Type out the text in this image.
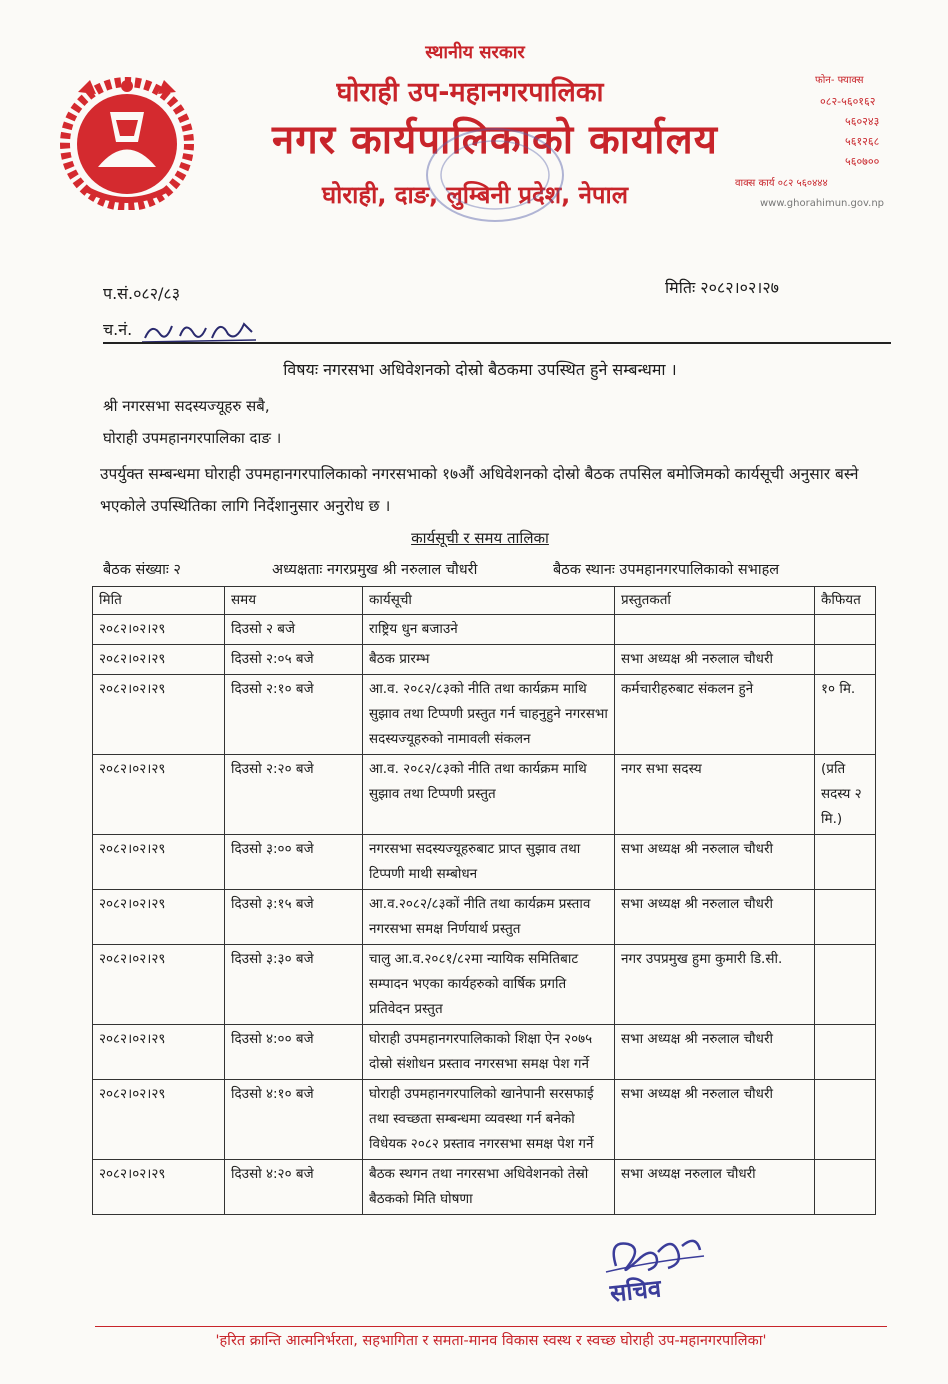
स्थानीय सरकार
घोराही उप-महानगरपालिका
नगर कार्यपालिकाको कार्यालय
घोराही, दाङ, लुम्बिनी प्रदेश, नेपाल
फोन- फ्याक्स
०८२-५६०१६२
५६०२४३
५६१२६८
५६०७००
वाक्स कार्य ०८२ ५६०४४४
www.ghorahimun.gov.np
प.सं.०८२/८३	मितिः २०८२।०२।२७
च.नं.
विषयः नगरसभा अधिवेशनको दोस्रो बैठकमा उपस्थित हुने सम्बन्धमा ।
श्री नगरसभा सदस्यज्यूहरु सबै,
घोराही उपमहानगरपालिका दाङ ।
उपर्युक्त सम्बन्धमा घोराही उपमहानगरपालिकाको नगरसभाको १७औं अधिवेशनको दोस्रो बैठक तपसिल बमोजिमको कार्यसूची अनुसार बस्ने भएकोले उपस्थितिका लागि निर्देशानुसार अनुरोध छ ।
कार्यसूची र समय तालिका
बैठक संख्याः २	अध्यक्षताः नगरप्रमुख श्री नरुलाल चौधरी	बैठक स्थानः उपमहानगरपालिकाको सभाहल
मिति	समय	कार्यसूची	प्रस्तुतकर्ता	कैफियत
२०८२।०२।२९	दिउसो २ बजे	राष्ट्रिय धुन बजाउने		
२०८२।०२।२९	दिउसो २:०५ बजे	बैठक प्रारम्भ	सभा अध्यक्ष श्री नरुलाल चौधरी	
२०८२।०२।२९	दिउसो २:१० बजे	आ.व. २०८२/८३को नीति तथा कार्यक्रम माथि सुझाव तथा टिप्पणी प्रस्तुत गर्न चाहनुहुने नगरसभा सदस्यज्यूहरुको नामावली संकलन	कर्मचारीहरुबाट संकलन हुने	१० मि.
२०८२।०२।२९	दिउसो २:२० बजे	आ.व. २०८२/८३को नीति तथा कार्यक्रम माथि सुझाव तथा टिप्पणी प्रस्तुत	नगर सभा सदस्य	(प्रति सदस्य २ मि.)
२०८२।०२।२९	दिउसो ३:०० बजे	नगरसभा सदस्यज्यूहरुबाट प्राप्त सुझाव तथा टिप्पणी माथी सम्बोधन	सभा अध्यक्ष श्री नरुलाल चौधरी	
२०८२।०२।२९	दिउसो ३:१५ बजे	आ.व.२०८२/८३कों नीति तथा कार्यक्रम प्रस्ताव नगरसभा समक्ष निर्णयार्थ प्रस्तुत	सभा अध्यक्ष श्री नरुलाल चौधरी	
२०८२।०२।२९	दिउसो ३:३० बजे	चालु आ.व.२०८१/८२मा न्यायिक समितिबाट सम्पादन भएका कार्यहरुको वार्षिक प्रगति प्रतिवेदन प्रस्तुत	नगर उपप्रमुख हुमा कुमारी डि.सी.	
२०८२।०२।२९	दिउसो ४:०० बजे	घोराही उपमहानगरपालिकाको शिक्षा ऐन २०७५ दोस्रो संशोधन प्रस्ताव नगरसभा समक्ष पेश गर्ने	सभा अध्यक्ष श्री नरुलाल चौधरी	
२०८२।०२।२९	दिउसो ४:१० बजे	घोराही उपमहानगरपालिको खानेपानी सरसफाई तथा स्वच्छता सम्बन्धमा व्यवस्था गर्न बनेको विधेयक २०८२ प्रस्ताव नगरसभा समक्ष पेश गर्ने	सभा अध्यक्ष श्री नरुलाल चौधरी	
२०८२।०२।२९	दिउसो ४:२० बजे	बैठक स्थगन तथा नगरसभा अधिवेशनको तेस्रो बैठकको मिति घोषणा	सभा अध्यक्ष नरुलाल चौधरी	
सचिव
'हरित क्रान्ति आत्मनिर्भरता, सहभागिता र समता-मानव विकास स्वस्थ र स्वच्छ घोराही उप-महानगरपालिका'
